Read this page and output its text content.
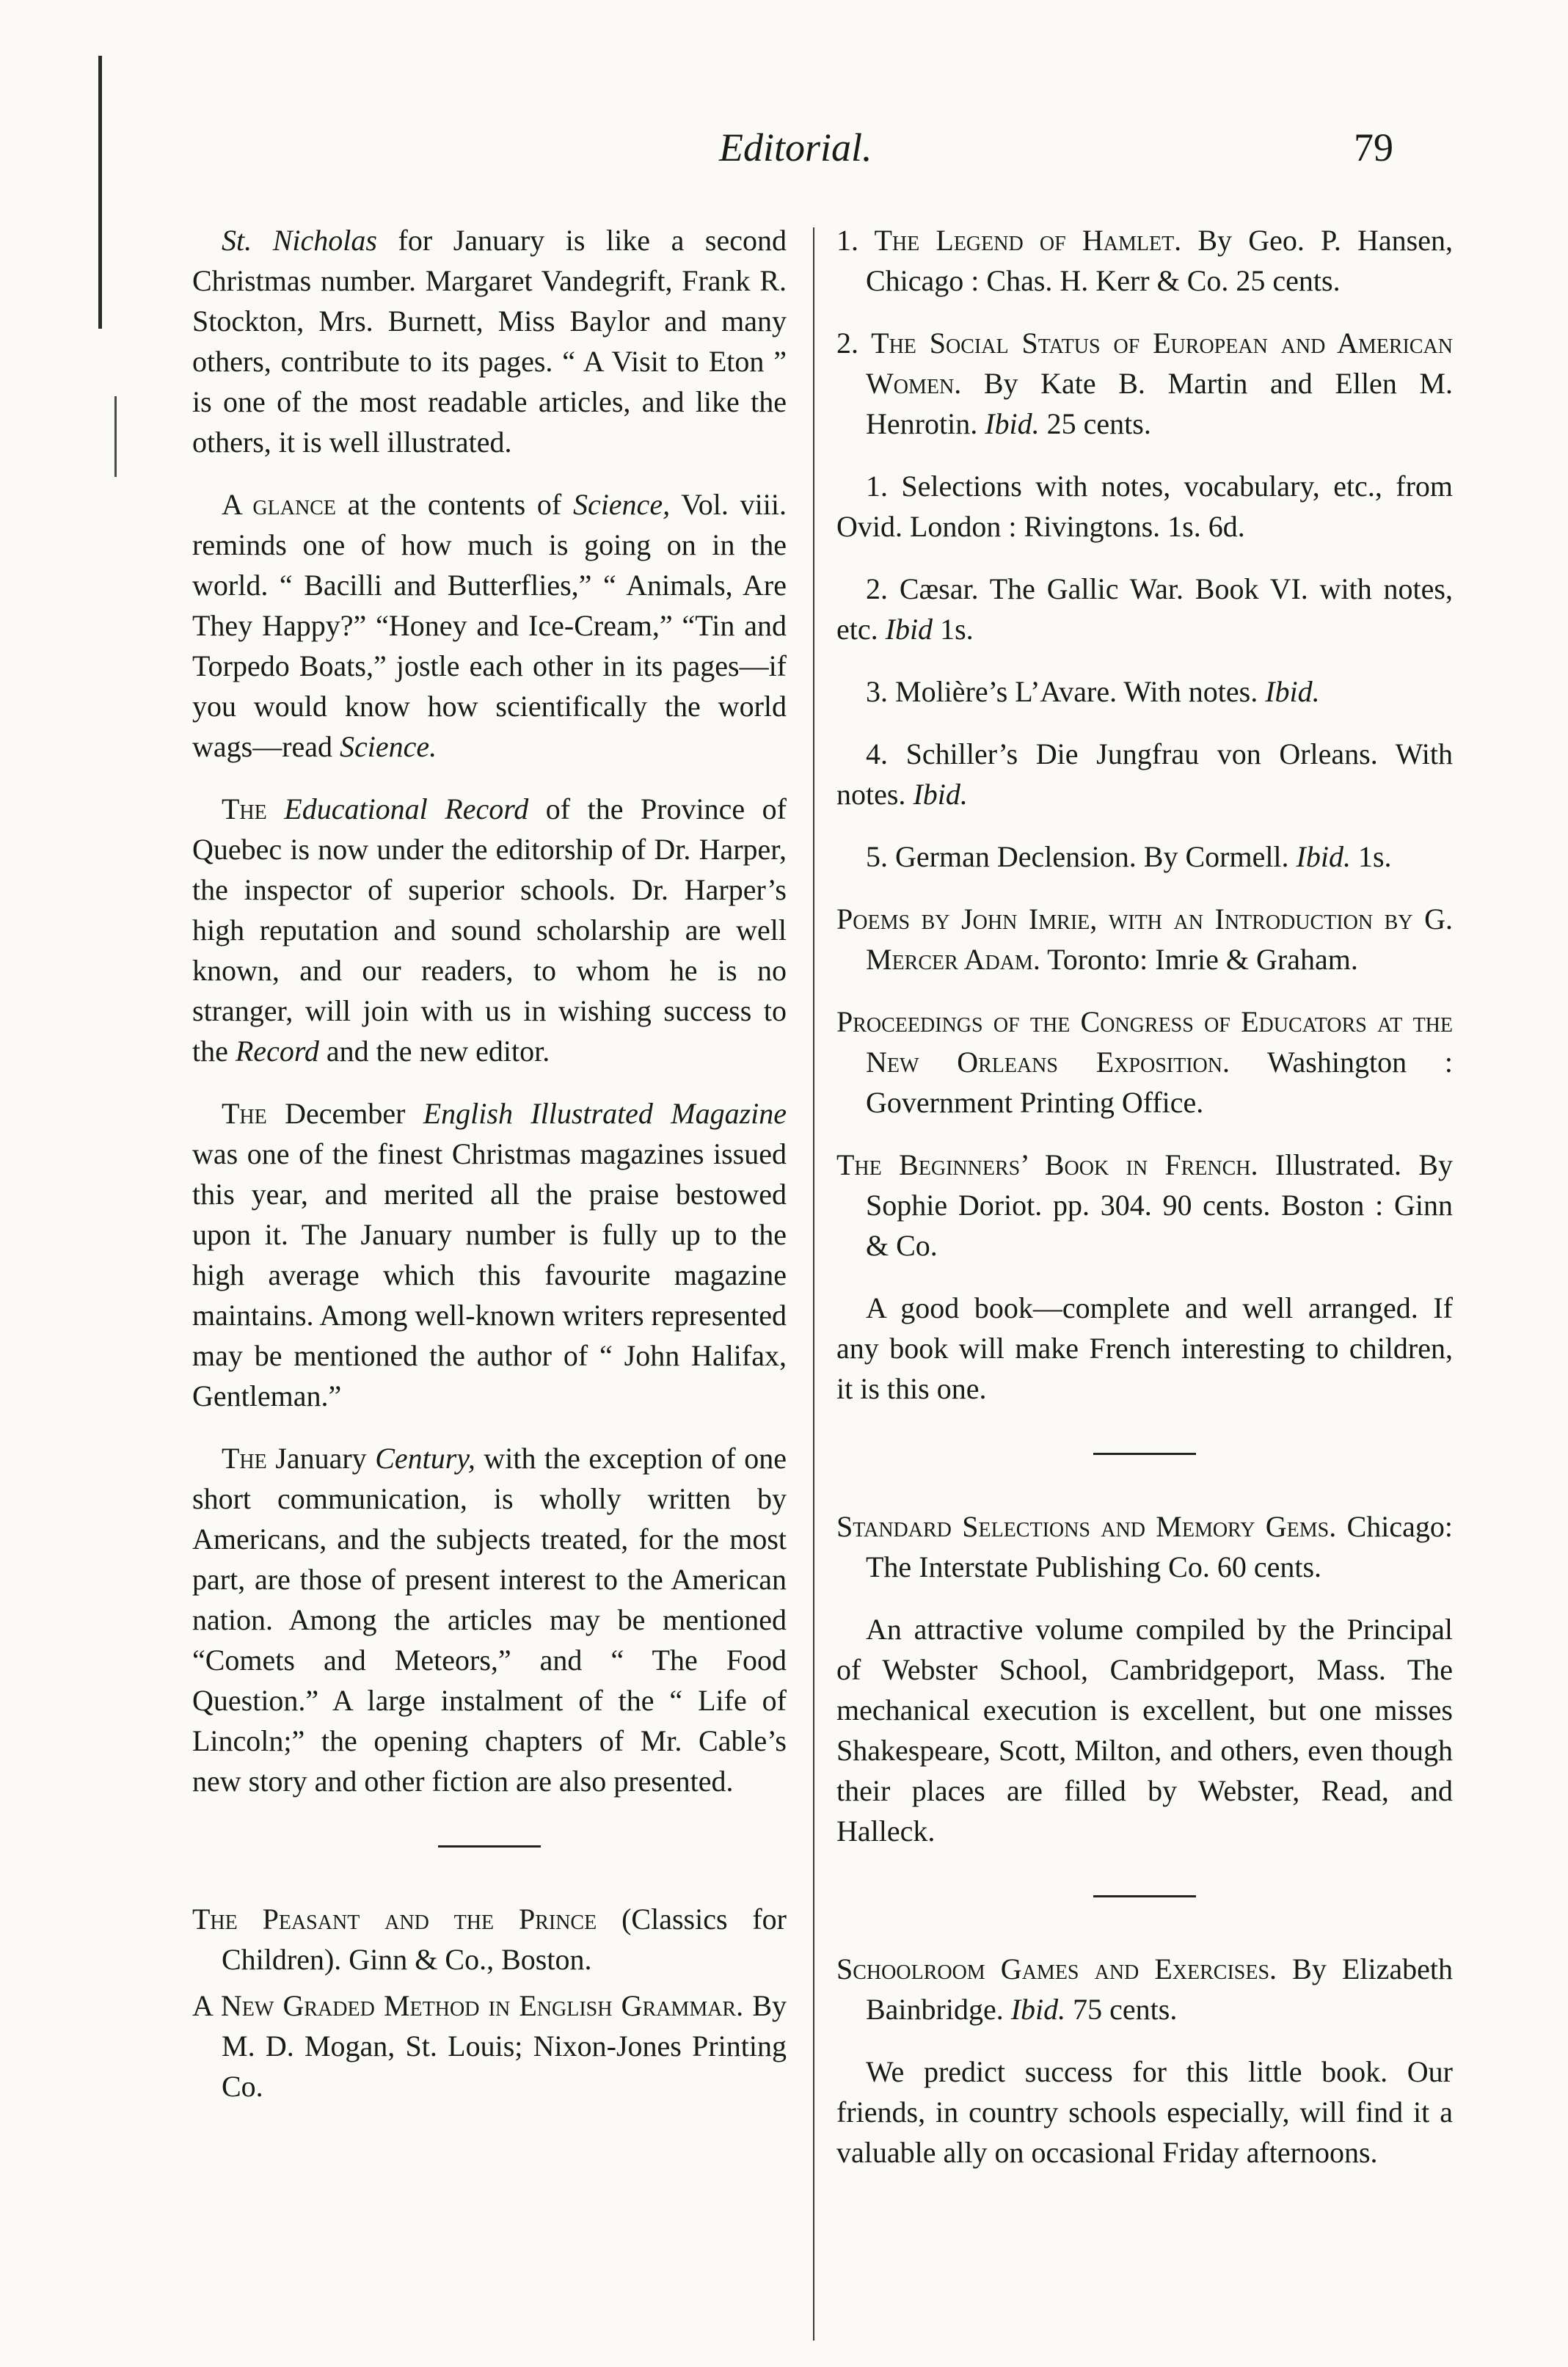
Editorial.	79

St. Nicholas for January is like a second Christmas number. Margaret Vandegrift, Frank R. Stockton, Mrs. Burnett, Miss Baylor and many others, contribute to its pages. “ A Visit to Eton ” is one of the most readable articles, and like the others, it is well illustrated.

A glance at the contents of Science, Vol. viii. reminds one of how much is going on in the world. “ Bacilli and Butterflies,” “ Animals, Are They Happy?” “Honey and Ice-Cream,” “Tin and Torpedo Boats,” jostle each other in its pages—if you would know how scientifically the world wags—read Science.

The Educational Record of the Province of Quebec is now under the editorship of Dr. Harper, the inspector of superior schools. Dr. Harper’s high reputation and sound scholarship are well known, and our readers, to whom he is no stranger, will join with us in wishing success to the Record and the new editor.

The December English Illustrated Magazine was one of the finest Christmas magazines issued this year, and merited all the praise bestowed upon it. The January number is fully up to the high average which this favourite magazine maintains. Among well-known writers represented may be mentioned the author of “ John Halifax, Gentleman.”

The January Century, with the exception of one short communication, is wholly written by Americans, and the subjects treated, for the most part, are those of present interest to the American nation. Among the articles may be mentioned “Comets and Meteors,” and “ The Food Question.” A large instalment of the “ Life of Lincoln;” the opening chapters of Mr. Cable’s new story and other fiction are also presented.

The Peasant and the Prince (Classics for Children). Ginn & Co., Boston.

A New Graded Method in English Grammar. By M. D. Mogan, St. Louis; Nixon-Jones Printing Co.

1. The Legend of Hamlet. By Geo. P. Hansen, Chicago : Chas. H. Kerr & Co. 25 cents.

2. The Social Status of European and American Women. By Kate B. Martin and Ellen M. Henrotin. Ibid. 25 cents.

1. Selections with notes, vocabulary, etc., from Ovid. London : Rivingtons. 1s. 6d.

2. Cæsar. The Gallic War. Book VI. with notes, etc. Ibid 1s.

3. Molière’s L’Avare. With notes. Ibid.

4. Schiller’s Die Jungfrau von Orleans. With notes. Ibid.

5. German Declension. By Cormell. Ibid. 1s.

Poems by John Imrie, with an Introduction by G. Mercer Adam. Toronto: Imrie & Graham.

Proceedings of the Congress of Educators at the New Orleans Exposition. Washington : Government Printing Office.

The Beginners’ Book in French. Illustrated. By Sophie Doriot. pp. 304. 90 cents. Boston : Ginn & Co.

A good book—complete and well arranged. If any book will make French interesting to children, it is this one.

Standard Selections and Memory Gems. Chicago: The Interstate Publishing Co. 60 cents.

An attractive volume compiled by the Principal of Webster School, Cambridgeport, Mass. The mechanical execution is excellent, but one misses Shakespeare, Scott, Milton, and others, even though their places are filled by Webster, Read, and Halleck.

Schoolroom Games and Exercises. By Elizabeth Bainbridge. Ibid. 75 cents.

We predict success for this little book. Our friends, in country schools especially, will find it a valuable ally on occasional Friday afternoons.
